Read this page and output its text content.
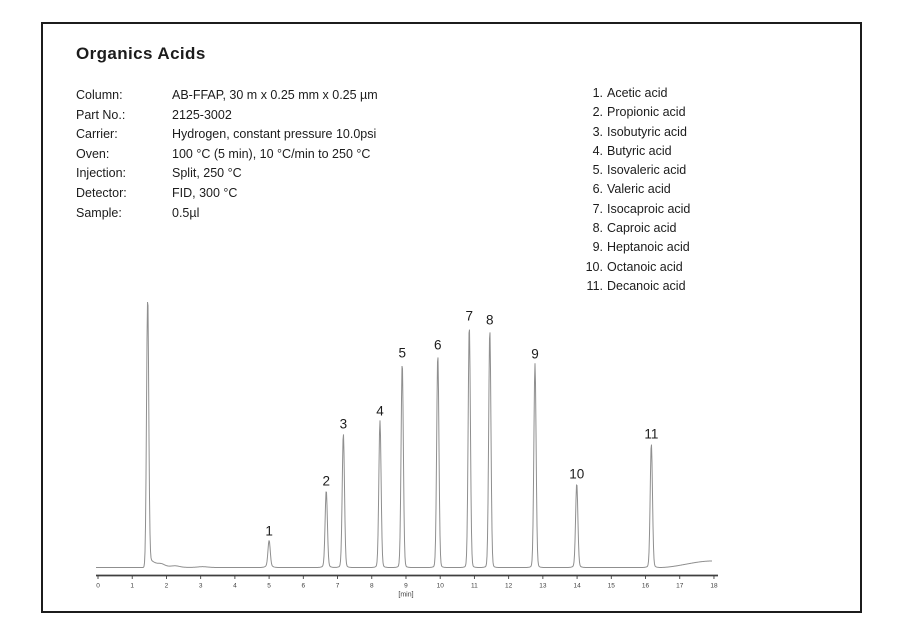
Organics Acids
Column:	AB-FFAP, 30 m x 0.25 mm x 0.25 µm
Part No.:	2125-3002
Carrier:	Hydrogen, constant pressure 10.0psi
Oven:	100 °C (5 min), 10 °C/min to 250 °C
Injection:	Split, 250 °C
Detector:	FID, 300 °C
Sample:	0.5µl
1. Acetic acid
2. Propionic acid
3. Isobutyric acid
4. Butyric acid
5. Isovaleric acid
6. Valeric acid
7. Isocaproic acid
8. Caproic acid
9. Heptanoic acid
10. Octanoic acid
11. Decanoic acid
0	1	2	3	4	5	6	7	8	9	10	11	12	13	14	15	16	17	18
[min]
1
2
3
4
5
6
7 8
9
10
11
